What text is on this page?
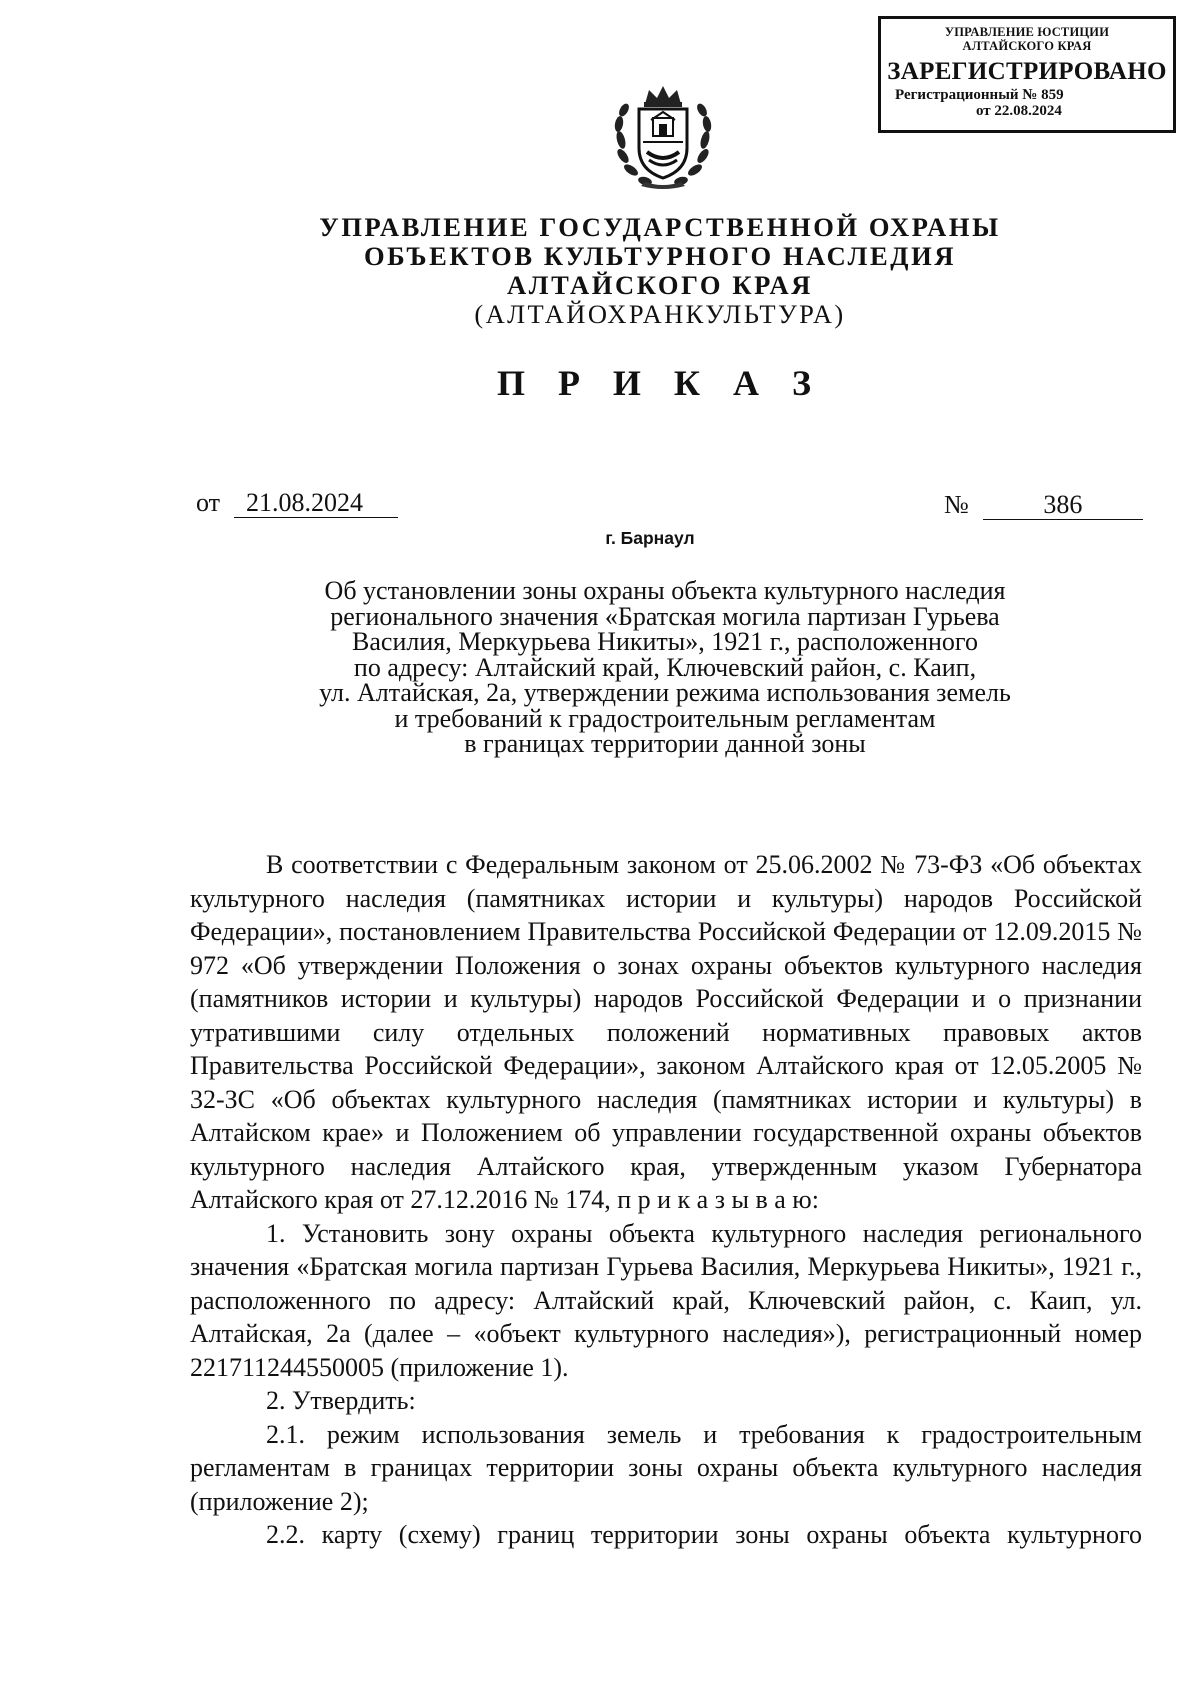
УПРАВЛЕНИЕ ЮСТИЦИИ
АЛТАЙСКОГО КРАЯ
ЗАРЕГИСТРИРОВАНО
Регистрационный № 859
от 22.08.2024
УПРАВЛЕНИЕ ГОСУДАРСТВЕННОЙ ОХРАНЫ
ОБЪЕКТОВ КУЛЬТУРНОГО НАСЛЕДИЯ
АЛТАЙСКОГО КРАЯ
(АЛТАЙОХРАНКУЛЬТУРА)
П Р И К А З
от 21.08.2024	№	386
г. Барнаул
Об установлении зоны охраны объекта культурного наследия
регионального значения «Братская могила партизан Гурьева
Василия, Меркурьева Никиты», 1921 г., расположенного
по адресу: Алтайский край, Ключевский район, с. Каип,
ул. Алтайская, 2а, утверждении режима использования земель
и требований к градостроительным регламентам
в границах территории данной зоны

В соответствии с Федеральным законом от 25.06.2002 № 73-ФЗ «Об объектах культурного наследия (памятниках истории и культуры) народов Российской Федерации», постановлением Правительства Российской Федерации от 12.09.2015 № 972 «Об утверждении Положения о зонах охраны объектов культурного наследия (памятников истории и культуры) народов Российской Федерации и о признании утратившими силу отдельных положений нормативных правовых актов Правительства Российской Федерации», законом Алтайского края от 12.05.2005 № 32-ЗС «Об объектах культурного наследия (памятниках истории и культуры) в Алтайском крае» и Положением об управлении государственной охраны объектов культурного наследия Алтайского края, утвержденным указом Губернатора Алтайского края от 27.12.2016 № 174, п р и к а з ы в а ю:

1. Установить зону охраны объекта культурного наследия регионального значения «Братская могила партизан Гурьева Василия, Меркурьева Никиты», 1921 г., расположенного по адресу: Алтайский край, Ключевский район, с. Каип, ул. Алтайская, 2а (далее – «объект культурного наследия»), регистрационный номер 221711244550005 (приложение 1).

2. Утвердить:

2.1. режим использования земель и требования к градостроительным регламентам в границах территории зоны охраны объекта культурного наследия (приложение 2);

2.2. карту (схему) границ территории зоны охраны объекта культурного
